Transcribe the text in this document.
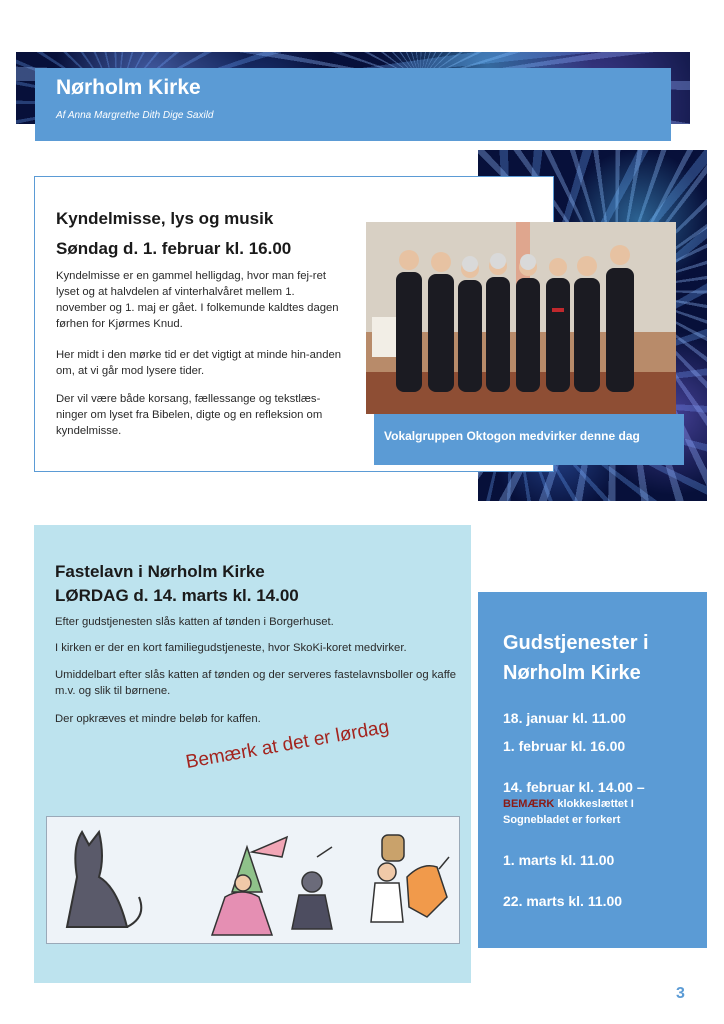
Nørholm Kirke
Af Anna Margrethe Dith Dige Saxild
Kyndelmisse, lys og musik
Søndag d. 1. februar kl. 16.00
Kyndelmisse er en gammel helligdag, hvor man fej-ret lyset og at halvdelen af vinterhalvåret mellem 1. november og 1. maj er gået. I folkemunde kaldtes dagen førhen for Kjørmes Knud.
Her midt i den mørke tid er det vigtigt at minde hin-anden om, at vi går mod lysere tider.
Der vil være både korsang, fællessange og tekstlæs-ninger om lyset fra Bibelen, digte og en refleksion om kyndelmisse.	Vokalgruppen Oktogon medvirker denne dag
Fastelavn i Nørholm Kirke
LØRDAG d. 14. marts kl. 14.00
Efter gudstjenesten slås katten af tønden i Borgerhuset.
I kirken er der en kort familiegudstjeneste, hvor SkoKi-koret medvirker.
Umiddelbart efter slås katten af tønden og der serveres fastelavnsboller og kaffe m.v. og slik til børnene.
Der opkræves et mindre beløb for kaffen.
Bemærk at det er lørdag
Gudstjenester i
Nørholm Kirke
18. januar kl. 11.00
1. februar kl. 16.00
14. februar kl. 14.00 –
BEMÆRK klokkeslættet I
Sognebladet er forkert
1. marts kl. 11.00
22. marts kl. 11.00
3
